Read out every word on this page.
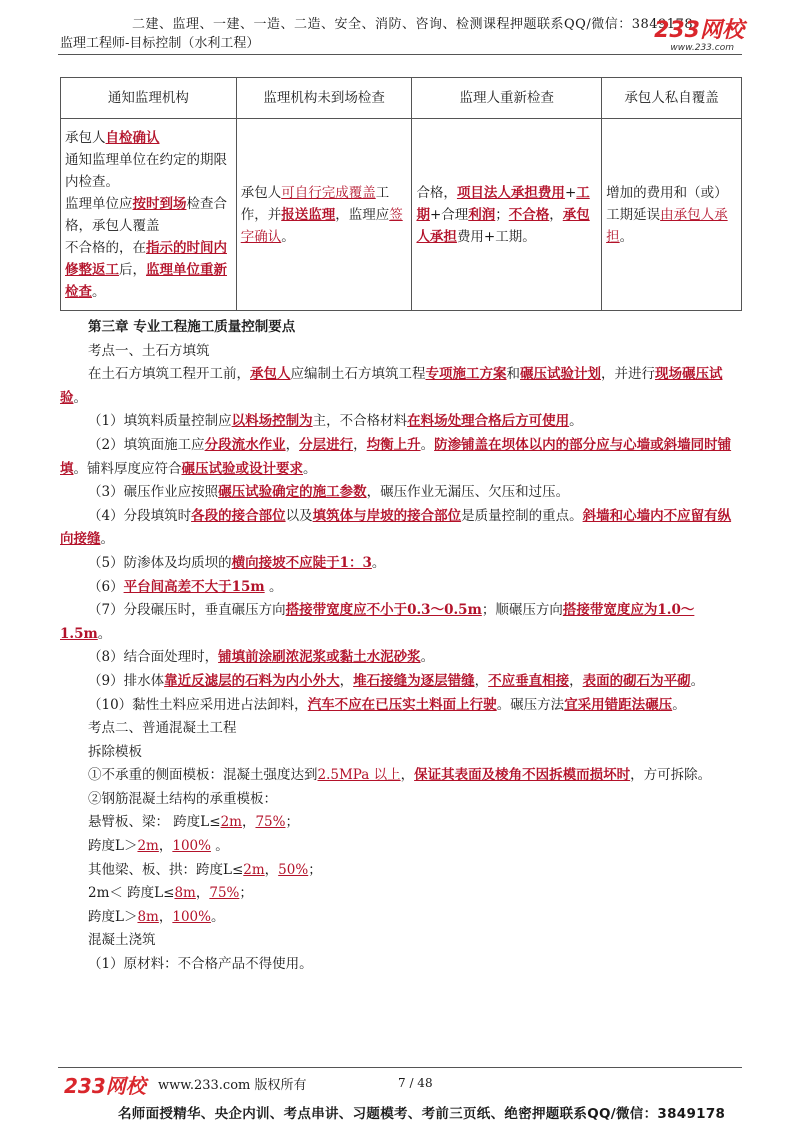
二建、监理、一建、一造、二造、安全、消防、咨询、检测课程押题联系QQ/微信：3849178
监理工程师-目标控制（水利工程）
233网校
www.233.com
通知监理机构	监理机构未到场检查	监理人重新检查	承包人私自覆盖
承包人自检确认
通知监理单位在约定的期限内检查。
监理单位应按时到场检查合格，承包人覆盖
不合格的，在指示的时间内修整返工后，监理单位重新检查。	承包人可自行完成覆盖工作，并报送监理，监理应签字确认。	合格，项目法人承担费用+工期+合理利润；不合格，承包人承担费用+工期。	增加的费用和（或）工期延误由承包人承担。

第三章 专业工程施工质量控制要点

考点一、土石方填筑

在土石方填筑工程开工前，承包人应编制土石方填筑工程专项施工方案和碾压试验计划，并进行现场碾压试验。

（1）填筑料质量控制应以料场控制为主，不合格材料在料场处理合格后方可使用。

（2）填筑面施工应分段流水作业，分层进行，均衡上升。防渗铺盖在坝体以内的部分应与心墙或斜墙同时铺填。铺料厚度应符合碾压试验或设计要求。

（3）碾压作业应按照碾压试验确定的施工参数，碾压作业无漏压、欠压和过压。

（4）分段填筑时各段的接合部位以及填筑体与岸坡的接合部位是质量控制的重点。斜墙和心墙内不应留有纵向接缝。

（5）防渗体及均质坝的横向接坡不应陡于1：3。

（6）平台间高差不大于15m 。

（7）分段碾压时，垂直碾压方向搭接带宽度应不小于0.3～0.5m；顺碾压方向搭接带宽度应为1.0～1.5m。

（8）结合面处理时，铺填前涂刷浓泥浆或黏土水泥砂浆。

（9）排水体靠近反滤层的石料为内小外大，堆石接缝为逐层错缝，不应垂直相接，表面的砌石为平砌。

（10）黏性土料应采用进占法卸料，汽车不应在已压实土料面上行驶。碾压方法宜采用错距法碾压。

考点二、普通混凝土工程

拆除模板

①不承重的侧面模板：混凝土强度达到2.5MPa 以上，保证其表面及棱角不因拆模而损坏时，方可拆除。

②钢筋混凝土结构的承重模板：

悬臂板、梁： 跨度L≤2m，75%；

跨度L＞2m，100% 。

其他梁、板、拱：跨度L≤2m，50%；

2m＜ 跨度L≤8m，75%；

跨度L＞8m，100%。

混凝土浇筑

（1）原材料：不合格产品不得使用。

233网校 www.233.com 版权所有	7 / 48
名师面授精华、央企内训、考点串讲、习题模考、考前三页纸、绝密押题联系QQ/微信：3849178
